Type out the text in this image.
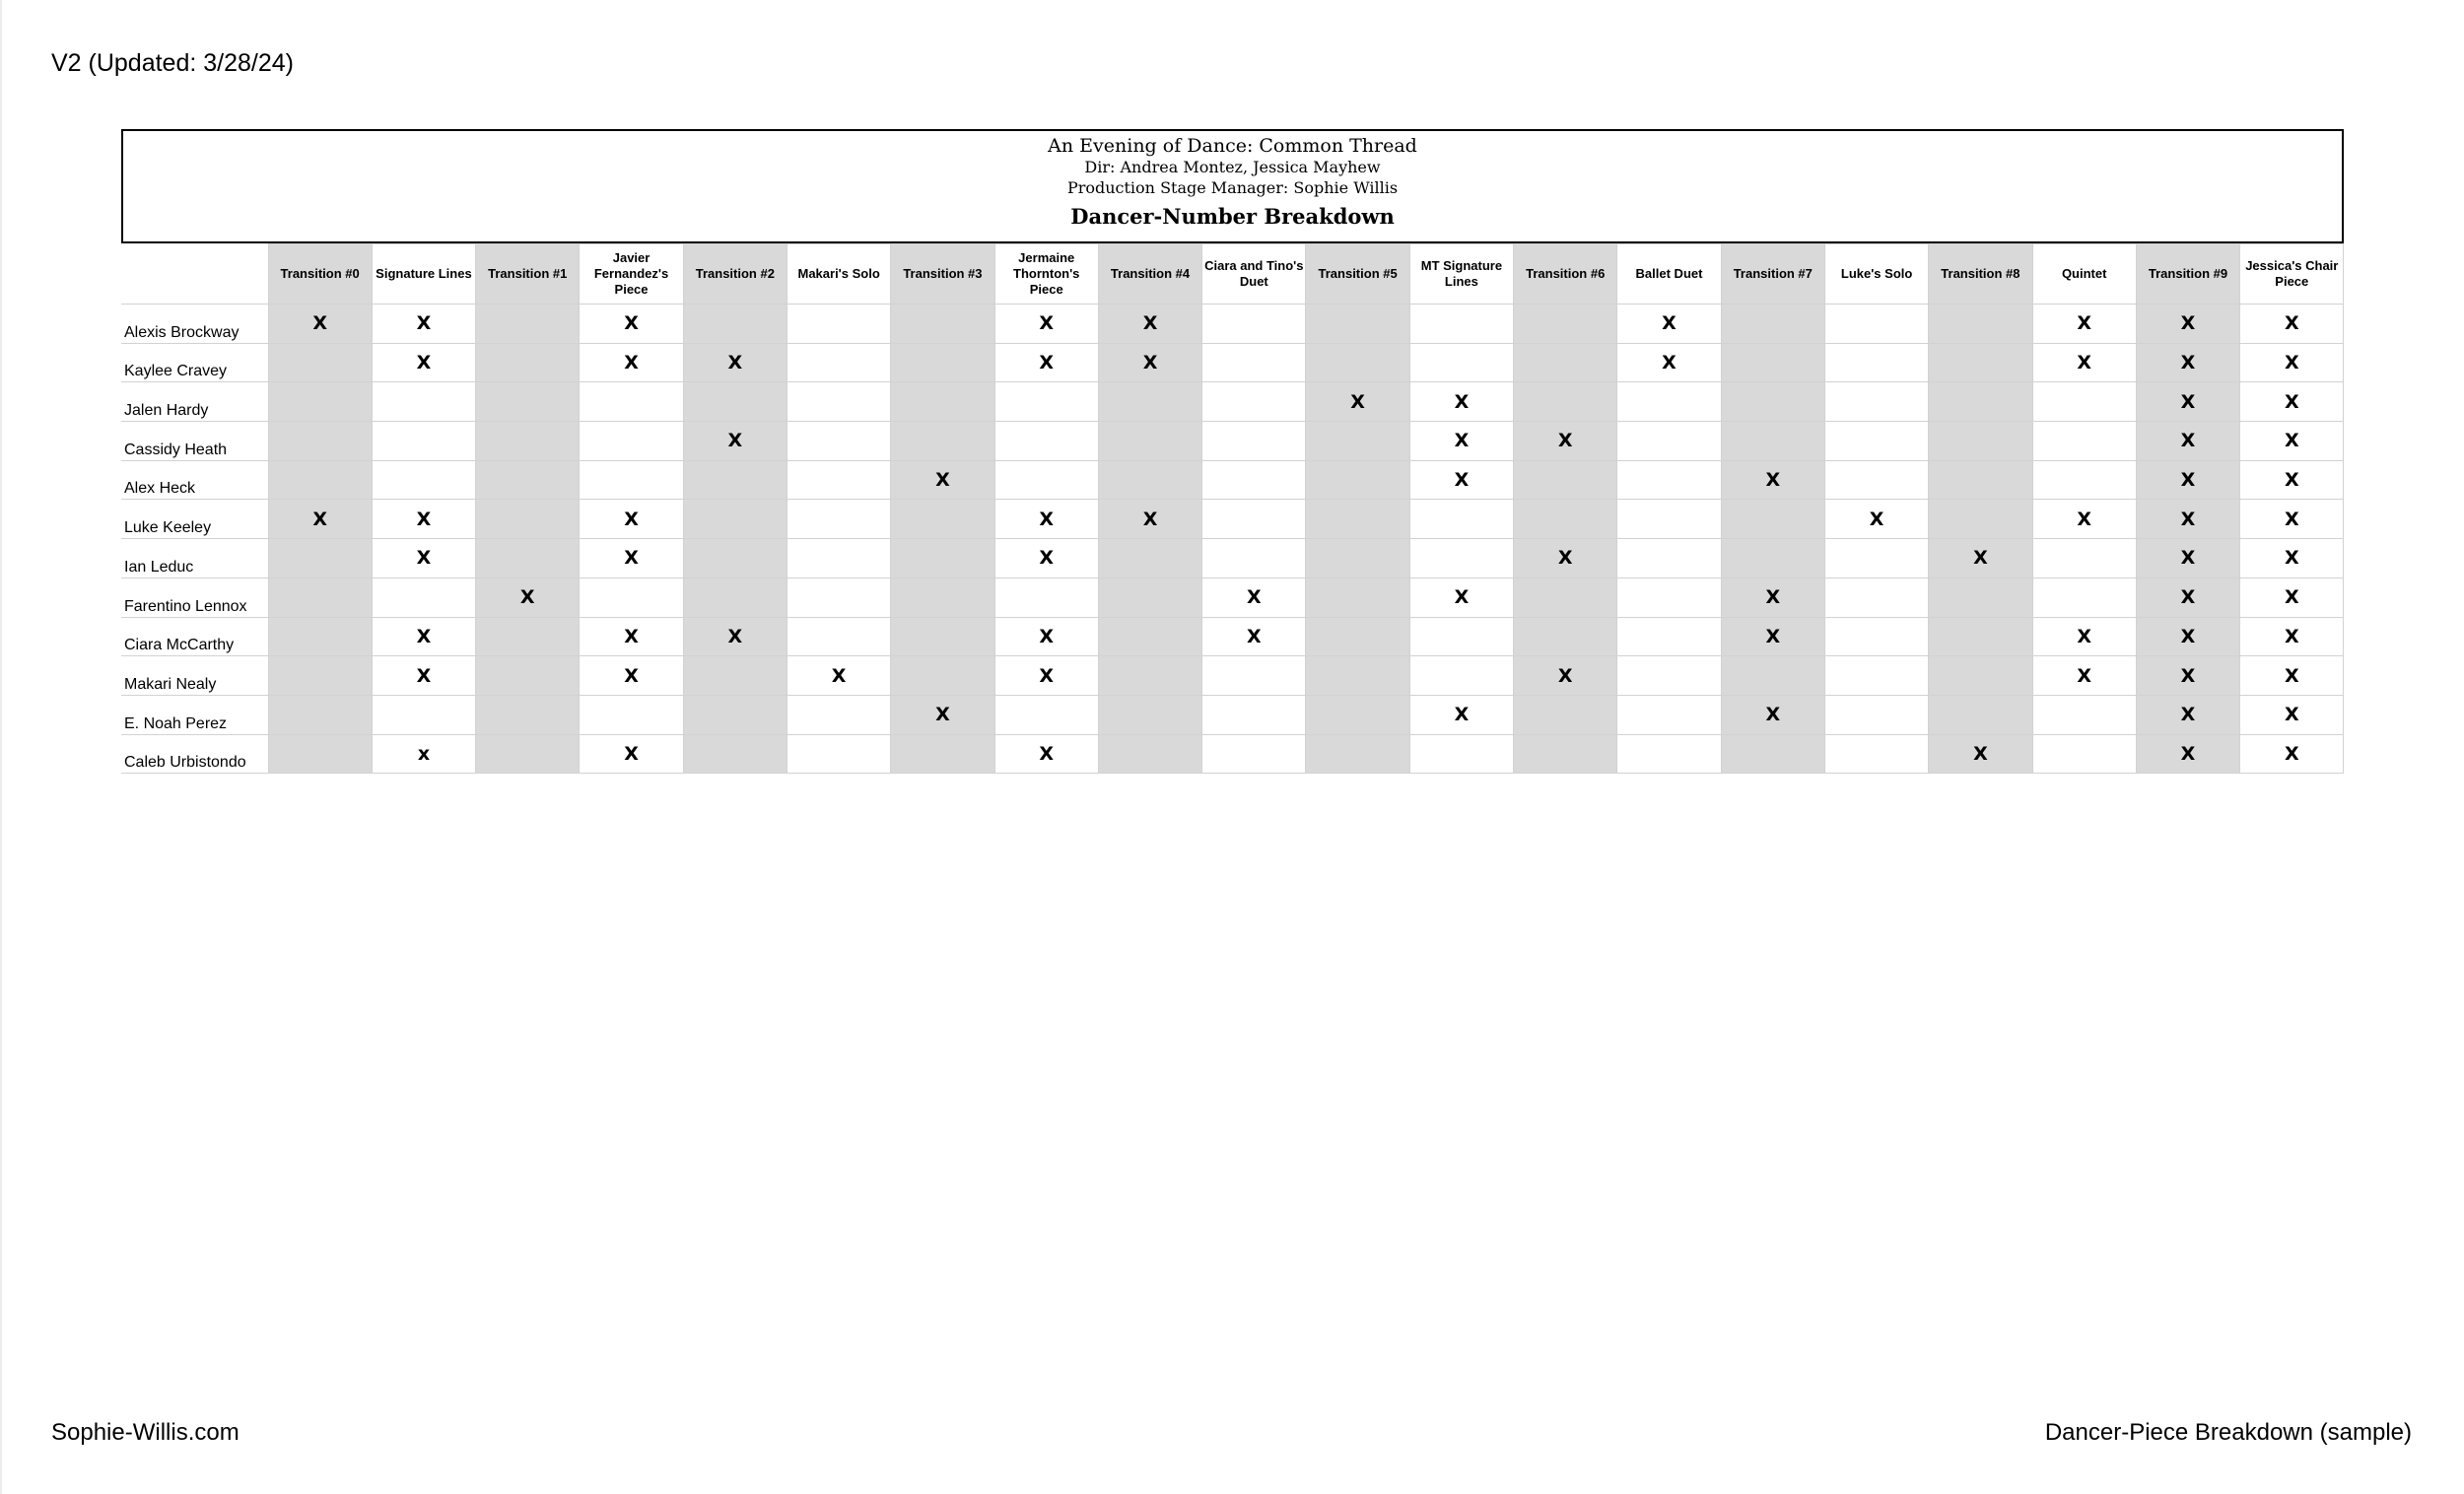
V2 (Updated: 3/28/24)
An Evening of Dance: Common Thread
Dir: Andrea Montez, Jessica Mayhew
Production Stage Manager: Sophie Willis
Dancer-Number Breakdown
	Transition #0	Signature Lines	Transition #1	Javier Fernandez's Piece	Transition #2	Makari's Solo	Transition #3	Jermaine Thornton's Piece	Transition #4	Ciara and Tino's Duet	Transition #5	MT Signature Lines	Transition #6	Ballet Duet	Transition #7	Luke's Solo	Transition #8	Quintet	Transition #9	Jessica's Chair Piece
Alexis Brockway	X	X		X				X	X					X				X	X	X
Kaylee Cravey		X		X	X			X	X					X				X	X	X
Jalen Hardy											X	X							X	X
Cassidy Heath					X							X	X						X	X
Alex Heck							X					X			X				X	X
Luke Keeley	X	X		X				X	X							X		X	X	X
Ian Leduc		X		X				X					X				X		X	X
Farentino Lennox			X							X		X			X				X	X
Ciara McCarthy		X		X	X			X		X					X			X	X	X
Makari Nealy		X		X		X		X					X					X	X	X
E. Noah Perez							X					X			X				X	X
Caleb Urbistondo		x		X				X									X		X	X
Sophie-Willis.com	Dancer-Piece Breakdown (sample)
